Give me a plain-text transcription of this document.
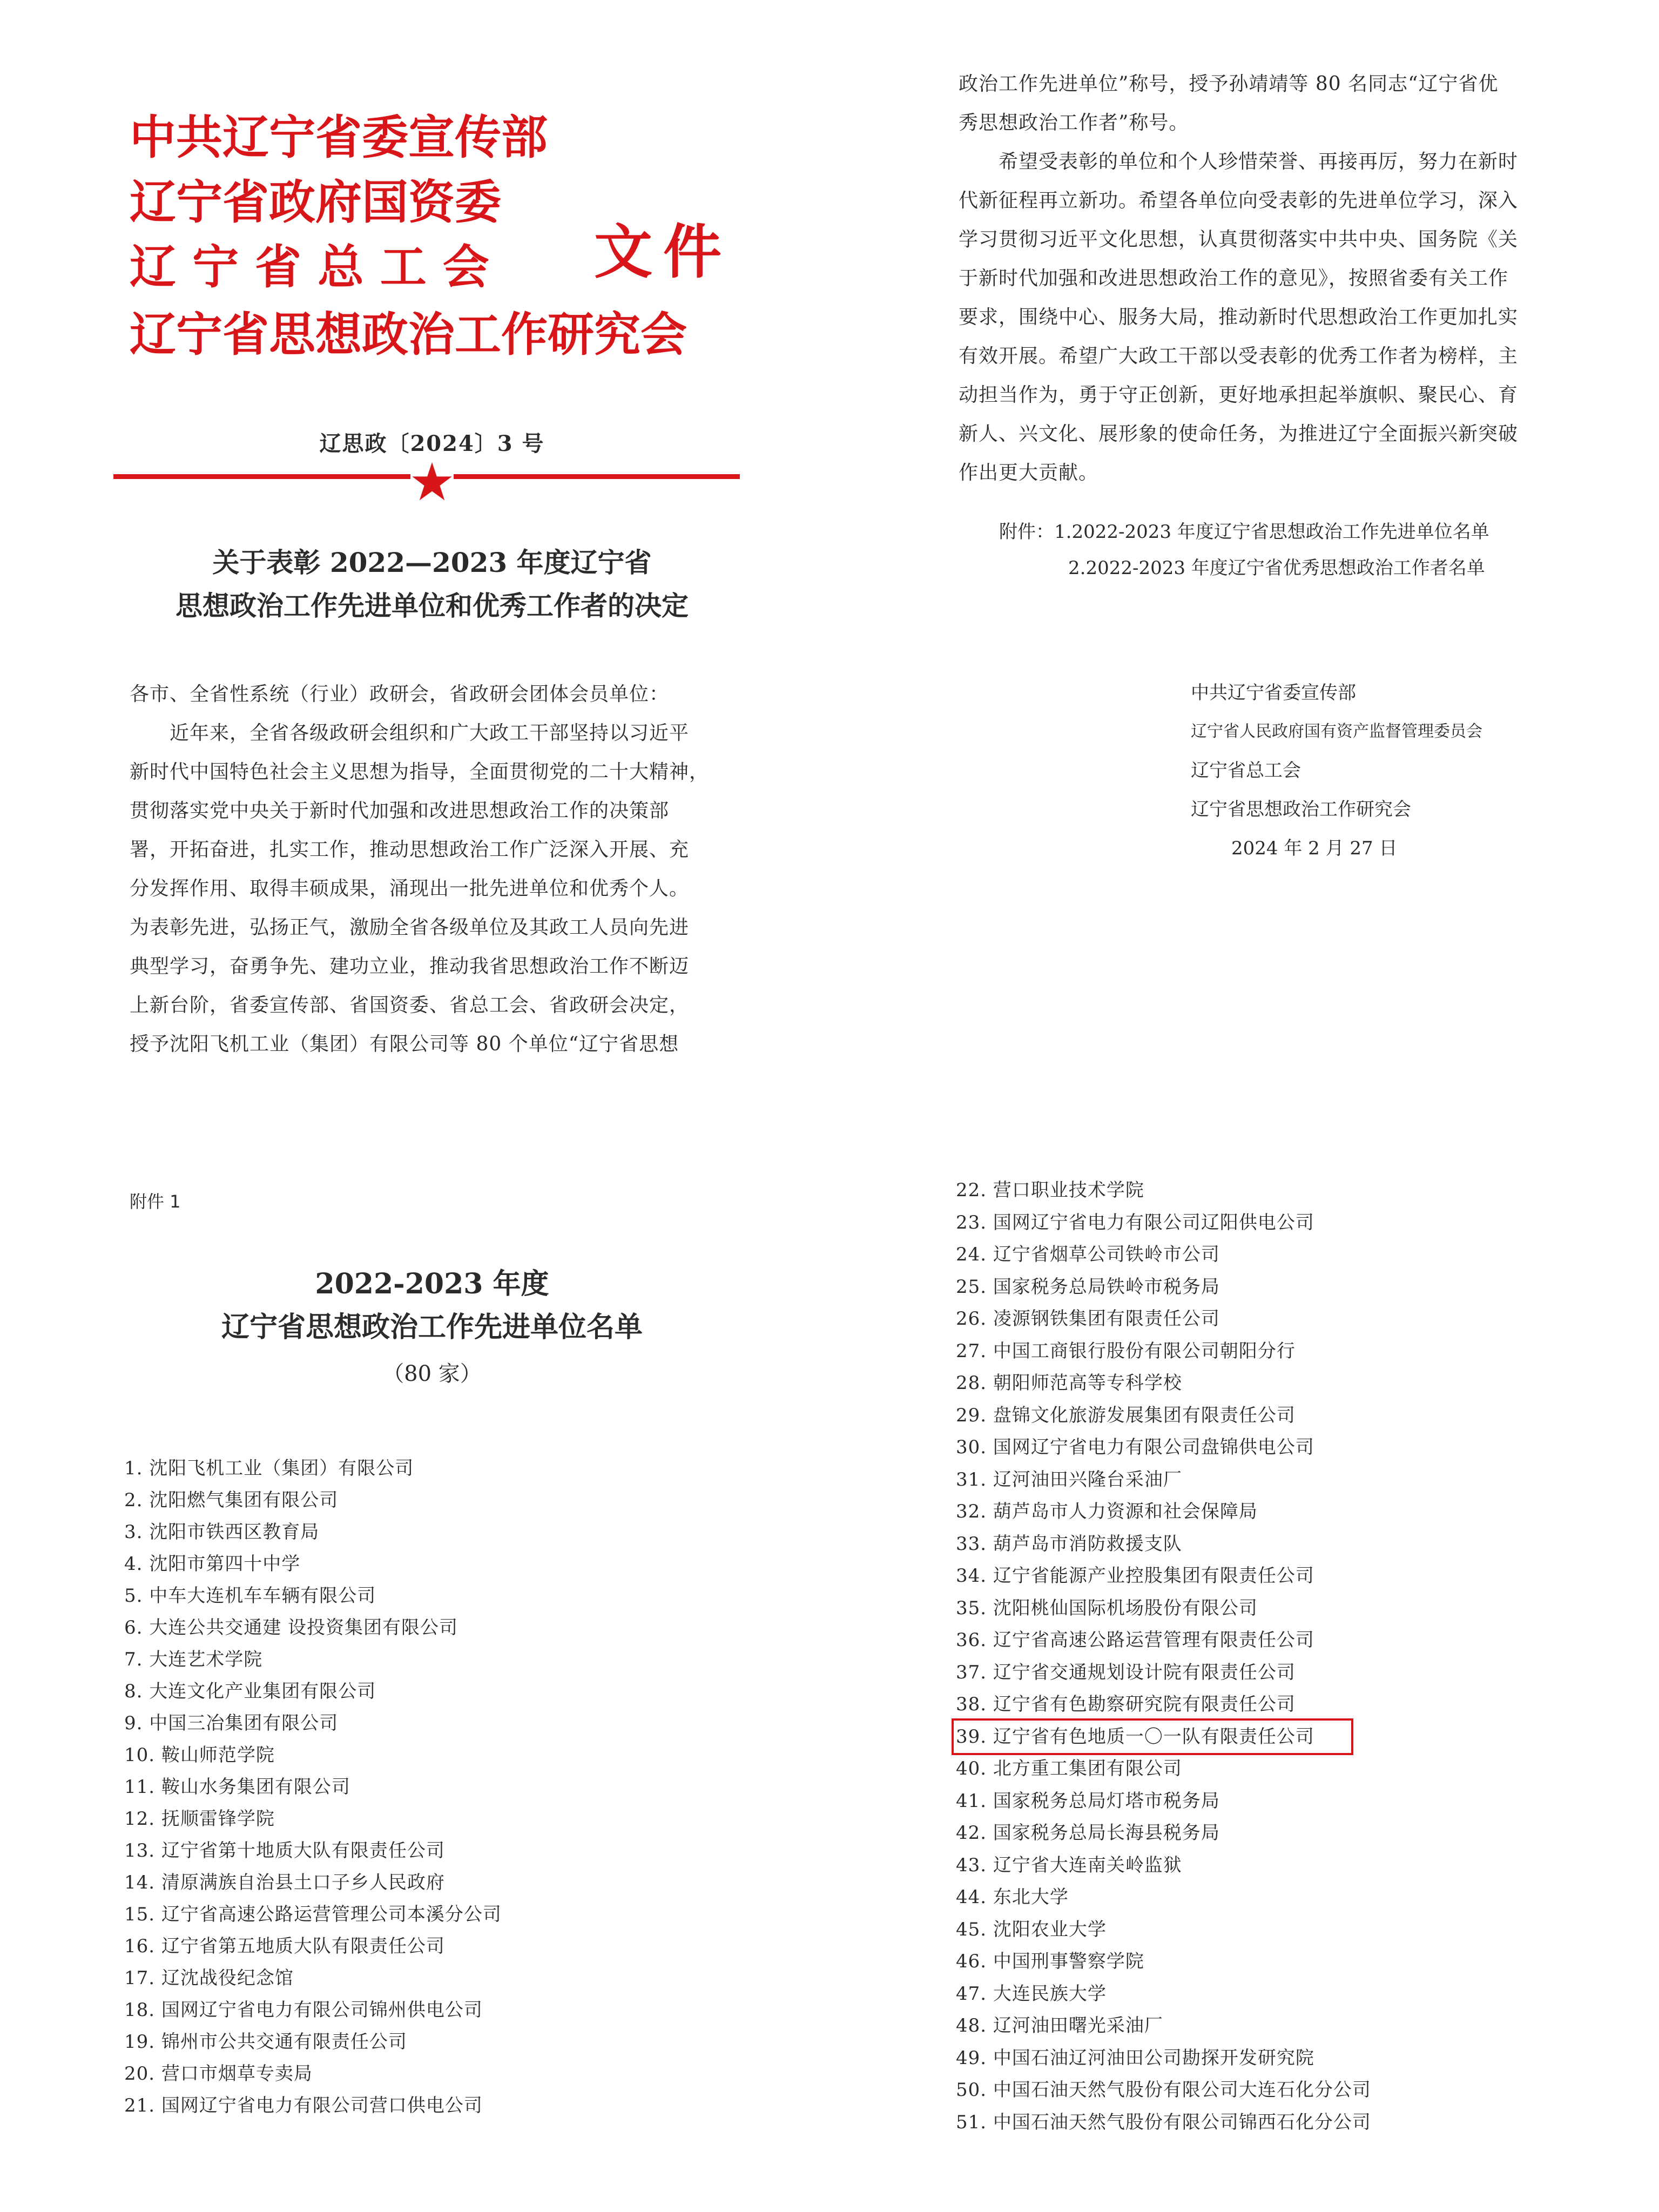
中共辽宁省委宣传部
辽宁省政府国资委
辽 宁 省 总 工 会
辽宁省思想政治工作研究会
文件
辽思政〔2024〕3 号
关于表彰 2022—2023 年度辽宁省
思想政治工作先进单位和优秀工作者的决定
各市、全省性系统（行业）政研会，省政研会团体会员单位：
　　近年来，全省各级政研会组织和广大政工干部坚持以习近平
新时代中国特色社会主义思想为指导，全面贯彻党的二十大精神，
贯彻落实党中央关于新时代加强和改进思想政治工作的决策部
署，开拓奋进，扎实工作，推动思想政治工作广泛深入开展、充
分发挥作用、取得丰硕成果，涌现出一批先进单位和优秀个人。
为表彰先进，弘扬正气，激励全省各级单位及其政工人员向先进
典型学习，奋勇争先、建功立业，推动我省思想政治工作不断迈
上新台阶，省委宣传部、省国资委、省总工会、省政研会决定，
授予沈阳飞机工业（集团）有限公司等 80 个单位“辽宁省思想
政治工作先进单位”称号，授予孙靖靖等 80 名同志“辽宁省优
秀思想政治工作者”称号。
　　希望受表彰的单位和个人珍惜荣誉、再接再厉，努力在新时
代新征程再立新功。希望各单位向受表彰的先进单位学习，深入
学习贯彻习近平文化思想，认真贯彻落实中共中央、国务院《关
于新时代加强和改进思想政治工作的意见》，按照省委有关工作
要求，围绕中心、服务大局，推动新时代思想政治工作更加扎实
有效开展。希望广大政工干部以受表彰的优秀工作者为榜样，主
动担当作为，勇于守正创新，更好地承担起举旗帜、聚民心、育
新人、兴文化、展形象的使命任务，为推进辽宁全面振兴新突破
作出更大贡献。
附件：1.2022-2023 年度辽宁省思想政治工作先进单位名单
2.2022-2023 年度辽宁省优秀思想政治工作者名单
中共辽宁省委宣传部
辽宁省人民政府国有资产监督管理委员会
辽宁省总工会
辽宁省思想政治工作研究会
2024 年 2 月 27 日
附件 1
2022-2023 年度
辽宁省思想政治工作先进单位名单
（80 家）
1. 沈阳飞机工业（集团）有限公司
2. 沈阳燃气集团有限公司
3. 沈阳市铁西区教育局
4. 沈阳市第四十中学
5. 中车大连机车车辆有限公司
6. 大连公共交通建 设投资集团有限公司
7. 大连艺术学院
8. 大连文化产业集团有限公司
9. 中国三冶集团有限公司
10. 鞍山师范学院
11. 鞍山水务集团有限公司
12. 抚顺雷锋学院
13. 辽宁省第十地质大队有限责任公司
14. 清原满族自治县土口子乡人民政府
15. 辽宁省高速公路运营管理公司本溪分公司
16. 辽宁省第五地质大队有限责任公司
17. 辽沈战役纪念馆
18. 国网辽宁省电力有限公司锦州供电公司
19. 锦州市公共交通有限责任公司
20. 营口市烟草专卖局
21. 国网辽宁省电力有限公司营口供电公司
22. 营口职业技术学院
23. 国网辽宁省电力有限公司辽阳供电公司
24. 辽宁省烟草公司铁岭市公司
25. 国家税务总局铁岭市税务局
26. 凌源钢铁集团有限责任公司
27. 中国工商银行股份有限公司朝阳分行
28. 朝阳师范高等专科学校
29. 盘锦文化旅游发展集团有限责任公司
30. 国网辽宁省电力有限公司盘锦供电公司
31. 辽河油田兴隆台采油厂
32. 葫芦岛市人力资源和社会保障局
33. 葫芦岛市消防救援支队
34. 辽宁省能源产业控股集团有限责任公司
35. 沈阳桃仙国际机场股份有限公司
36. 辽宁省高速公路运营管理有限责任公司
37. 辽宁省交通规划设计院有限责任公司
38. 辽宁省有色勘察研究院有限责任公司
39. 辽宁省有色地质一〇一队有限责任公司
40. 北方重工集团有限公司
41. 国家税务总局灯塔市税务局
42. 国家税务总局长海县税务局
43. 辽宁省大连南关岭监狱
44. 东北大学
45. 沈阳农业大学
46. 中国刑事警察学院
47. 大连民族大学
48. 辽河油田曙光采油厂
49. 中国石油辽河油田公司勘探开发研究院
50. 中国石油天然气股份有限公司大连石化分公司
51. 中国石油天然气股份有限公司锦西石化分公司
